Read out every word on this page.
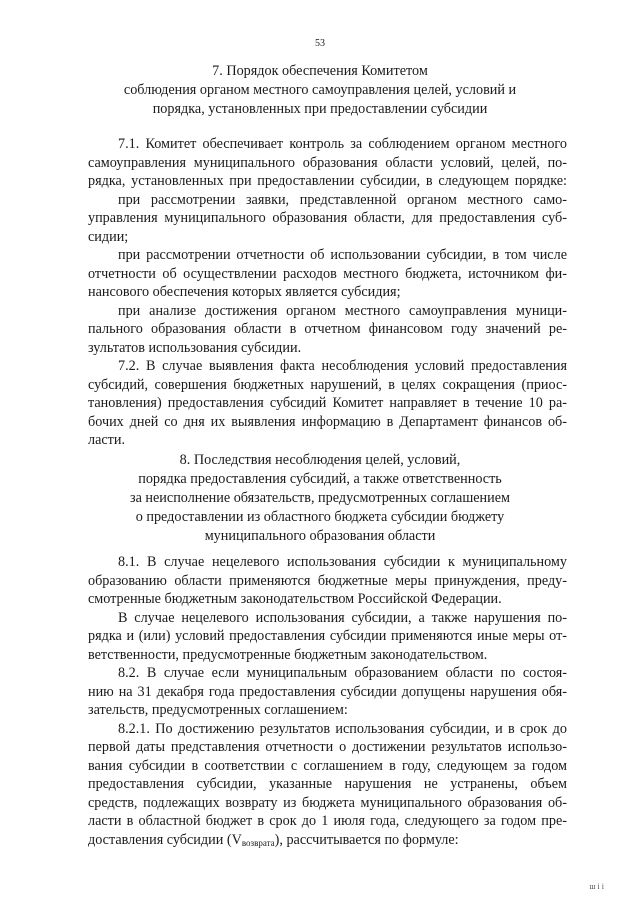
53
7. Порядок обеспечения Комитетом
соблюдения органом местного самоуправления целей, условий и
порядка, установленных при предоставлении субсидии
7.1. Комитет обеспечивает контроль за соблюдением органом местного
самоуправления муниципального образования области условий, целей, по-
рядка, установленных при предоставлении субсидии, в следующем порядке:
при рассмотрении заявки, представленной органом местного само-
управления муниципального образования области, для предоставления суб-
сидии;
при рассмотрении отчетности об использовании субсидии, в том числе
отчетности об осуществлении расходов местного бюджета, источником фи-
нансового обеспечения которых является субсидия;
при анализе достижения органом местного самоуправления муници-
пального образования области в отчетном финансовом году значений ре-
зультатов использования субсидии.
7.2. В случае выявления факта несоблюдения условий предоставления
субсидий, совершения бюджетных нарушений, в целях сокращения (приос-
тановления) предоставления субсидий Комитет направляет в течение 10 ра-
бочих дней со дня их выявления информацию в Департамент финансов об-
ласти.
8. Последствия несоблюдения целей, условий,
порядка предоставления субсидий, а также ответственность
за неисполнение обязательств, предусмотренных соглашением
о предоставлении из областного бюджета субсидии бюджету
муниципального образования области
8.1. В случае нецелевого использования субсидии к муниципальному
образованию области применяются бюджетные меры принуждения, преду-
смотренные бюджетным законодательством Российской Федерации.
В случае нецелевого использования субсидии, а также нарушения по-
рядка и (или) условий предоставления субсидии применяются иные меры от-
ветственности, предусмотренные бюджетным законодательством.
8.2. В случае если муниципальным образованием области по состоя-
нию на 31 декабря года предоставления субсидии допущены нарушения обя-
зательств, предусмотренных соглашением:
8.2.1. По достижению результатов использования субсидии, и в срок до
первой даты представления отчетности о достижении результатов использо-
вания субсидии в соответствии с соглашением в году, следующем за годом
предоставления субсидии, указанные нарушения не устранены, объем
средств, подлежащих возврату из бюджета муниципального образования об-
ласти в областной бюджет в срок до 1 июля года, следующего за годом пре-
доставления субсидии $(V_{возврата})$, рассчитывается по формуле:
ш і і
